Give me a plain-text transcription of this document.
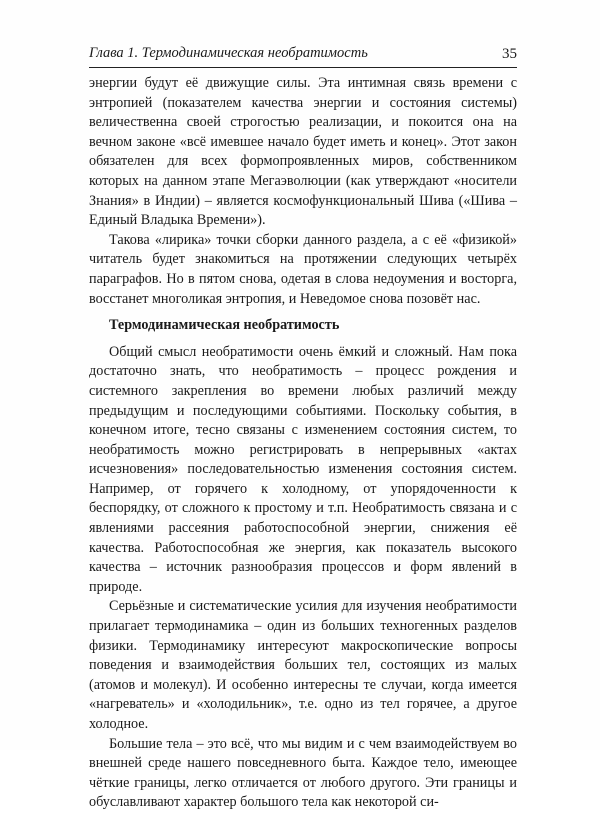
Глава 1. Термодинамическая необратимость	35

энергии будут её движущие силы. Эта интимная связь времени с энтропией (показателем качества энергии и состояния системы) величественна своей строгостью реализации, и покоится она на вечном законе «всё имевшее начало будет иметь и конец». Этот закон обязателен для всех формопроявленных миров, собственником которых на данном этапе Мегаэволюции (как утверждают «носители Знания» в Индии) – является космофункциональный Шива («Шива – Единый Владыка Времени»).

Такова «лирика» точки сборки данного раздела, а с её «физикой» читатель будет знакомиться на протяжении следующих четырёх параграфов. Но в пятом снова, одетая в слова недоумения и восторга, восстанет многоликая энтропия, и Неведомое снова позовёт нас.

Термодинамическая необратимость

Общий смысл необратимости очень ёмкий и сложный. Нам пока достаточно знать, что необратимость – процесс рождения и системного закрепления во времени любых различий между предыдущим и последующими событиями. Поскольку события, в конечном итоге, тесно связаны с изменением состояния систем, то необратимость можно регистрировать в непрерывных «актах исчезновения» последовательностью изменения состояния систем. Например, от горячего к холодному, от упорядоченности к беспорядку, от сложного к простому и т.п. Необратимость связана и с явлениями рассеяния работоспособной энергии, снижения её качества. Работоспособная же энергия, как показатель высокого качества – источник разнообразия процессов и форм явлений в природе.

Серьёзные и систематические усилия для изучения необратимости прилагает термодинамика – один из больших техногенных разделов физики. Термодинамику интересуют макроскопические вопросы поведения и взаимодействия больших тел, состоящих из малых (атомов и молекул). И особенно интересны те случаи, когда имеется «нагреватель» и «холодильник», т.е. одно из тел горячее, а другое холодное.

Большие тела – это всё, что мы видим и с чем взаимодействуем во внешней среде нашего повседневного быта. Каждое тело, имеющее чёткие границы, легко отличается от любого другого. Эти границы и обуславливают характер большого тела как некоторой си-
